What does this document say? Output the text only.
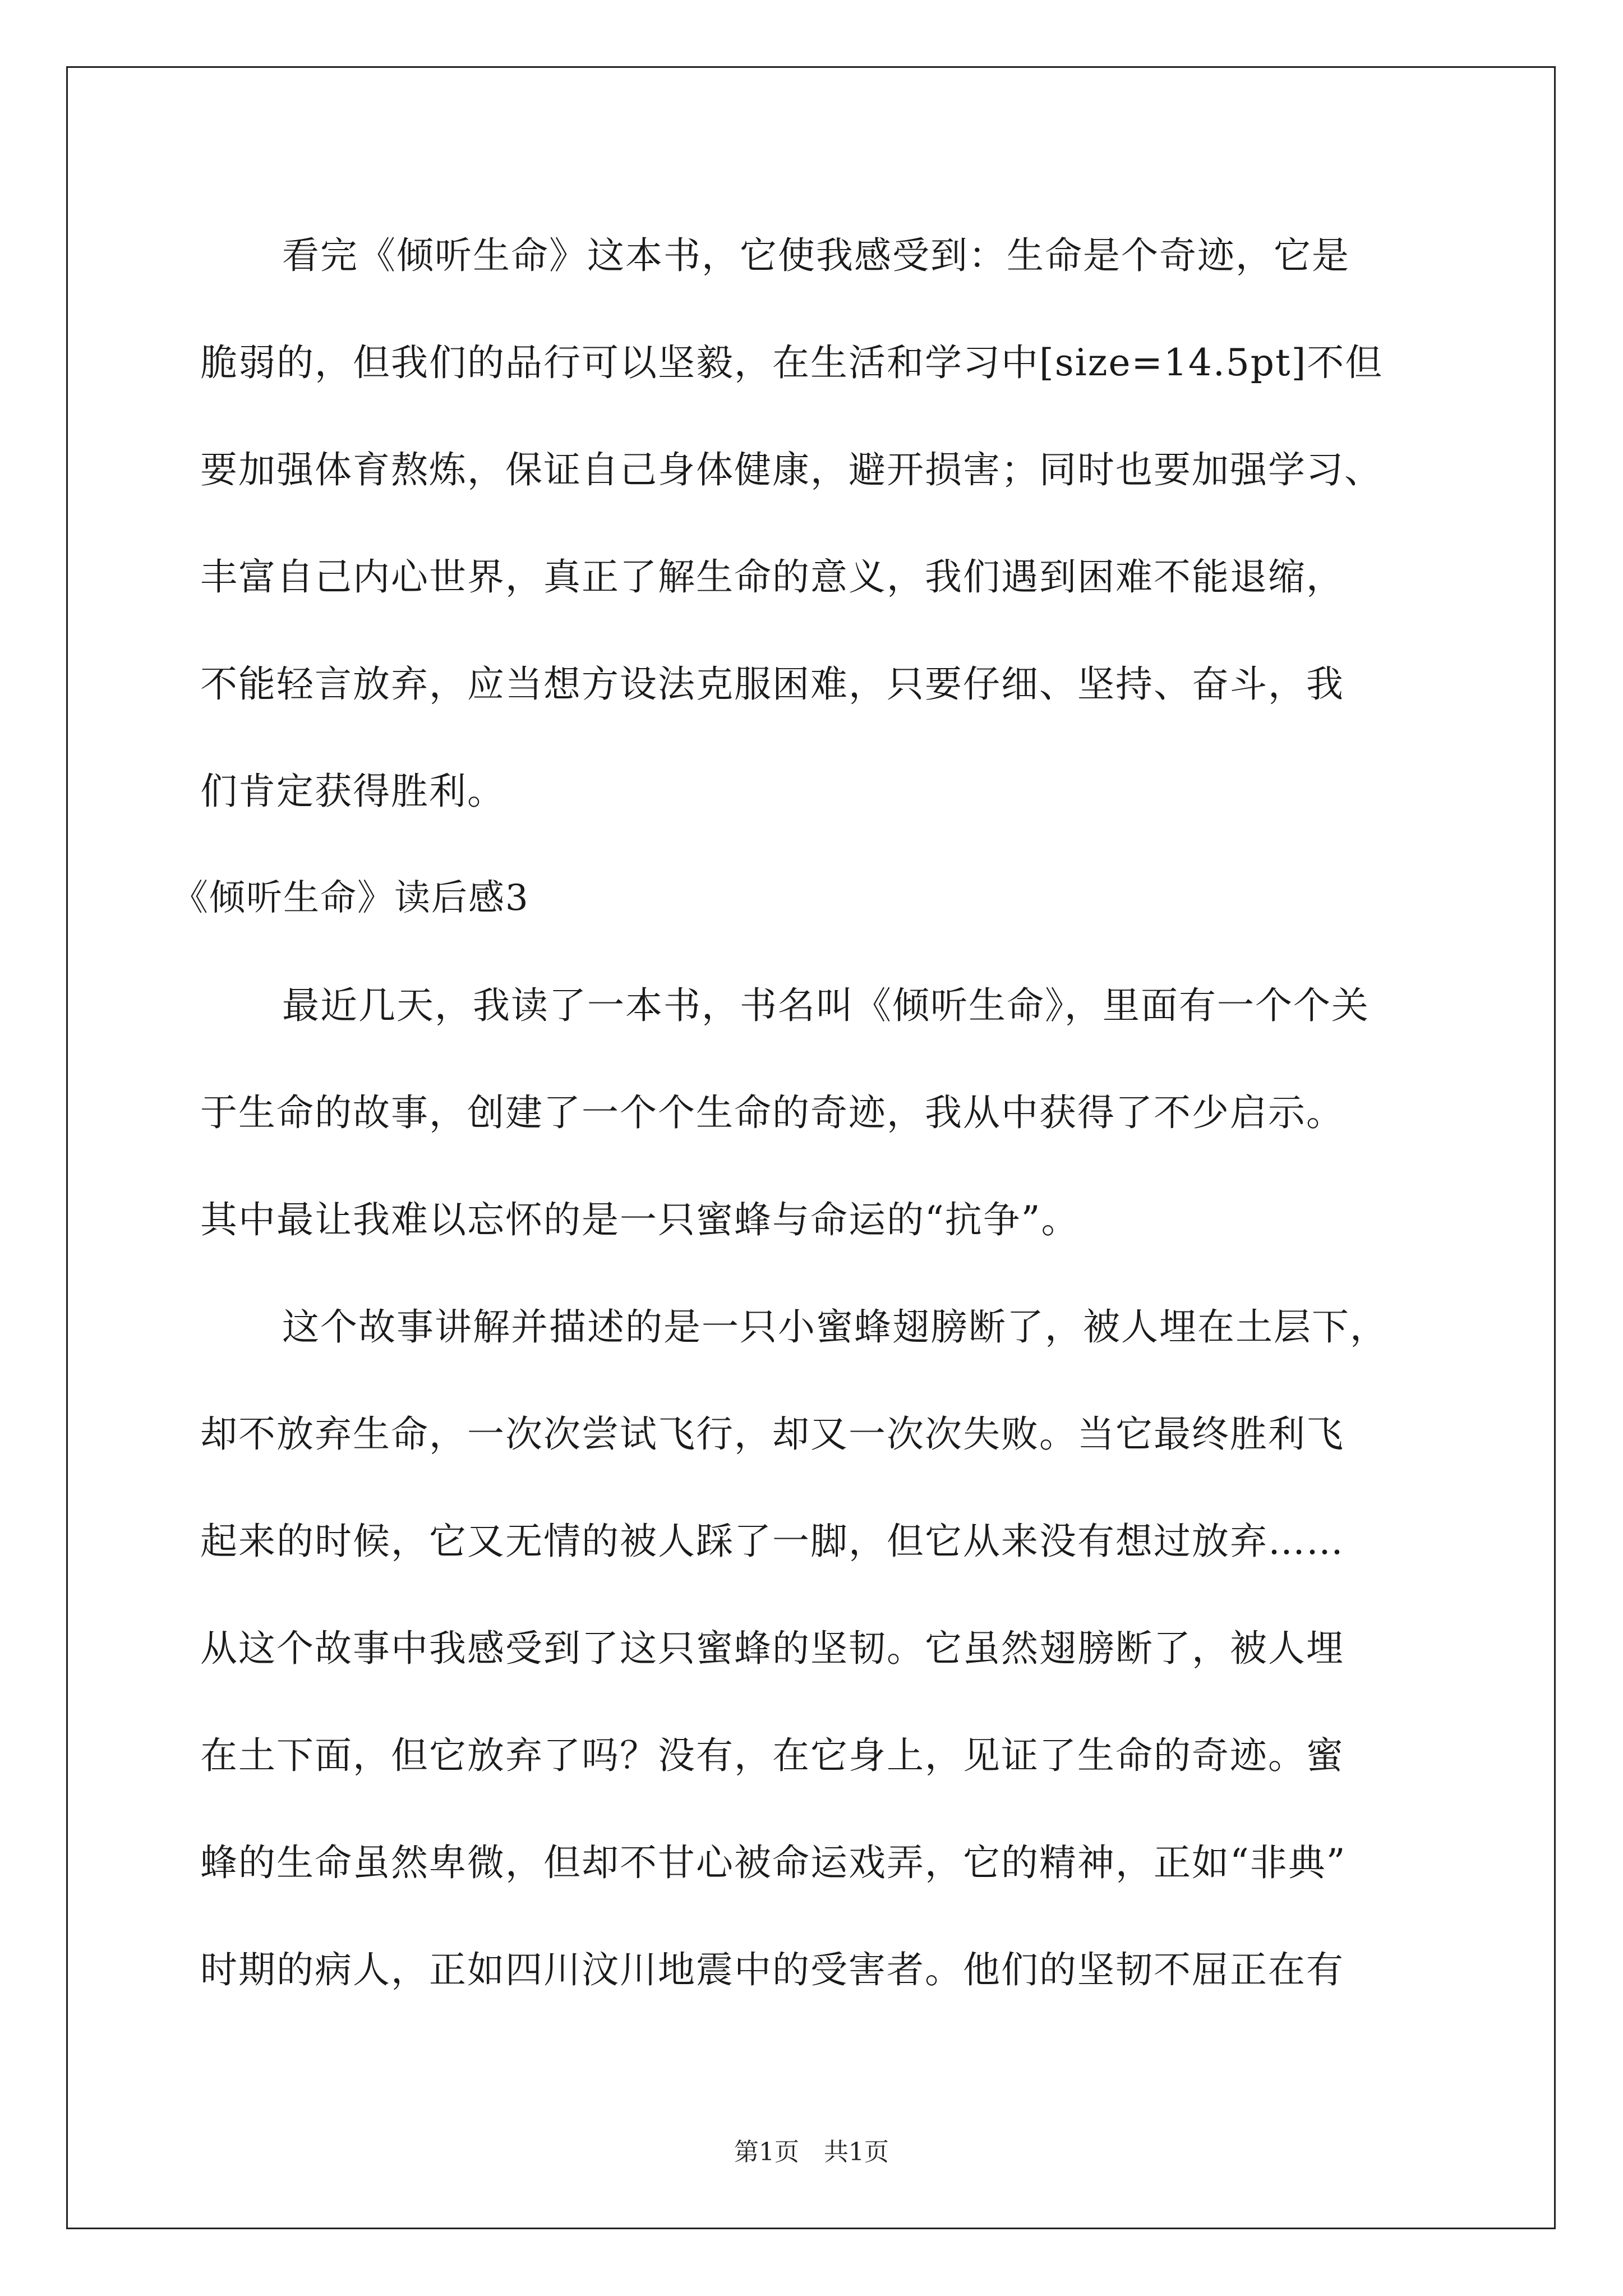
看完《倾听生命》这本书，它使我感受到：生命是个奇迹，它是
脆弱的，但我们的品行可以坚毅，在生活和学习中[size=14.5pt]不但
要加强体育熬炼，保证自己身体健康，避开损害；同时也要加强学习、
丰富自己内心世界，真正了解生命的意义，我们遇到困难不能退缩，
不能轻言放弃，应当想方设法克服困难，只要仔细、坚持、奋斗，我
们肯定获得胜利。
《倾听生命》读后感3
最近几天，我读了一本书，书名叫《倾听生命》，里面有一个个关
于生命的故事，创建了一个个生命的奇迹，我从中获得了不少启示。
其中最让我难以忘怀的是一只蜜蜂与命运的“抗争”。
这个故事讲解并描述的是一只小蜜蜂翅膀断了，被人埋在土层下，
却不放弃生命，一次次尝试飞行，却又一次次失败。当它最终胜利飞
起来的时候，它又无情的被人踩了一脚，但它从来没有想过放弃……
从这个故事中我感受到了这只蜜蜂的坚韧。它虽然翅膀断了，被人埋
在土下面，但它放弃了吗？没有，在它身上，见证了生命的奇迹。蜜
蜂的生命虽然卑微，但却不甘心被命运戏弄，它的精神，正如“非典”
时期的病人，正如四川汶川地震中的受害者。他们的坚韧不屈正在有
第1页 共1页
